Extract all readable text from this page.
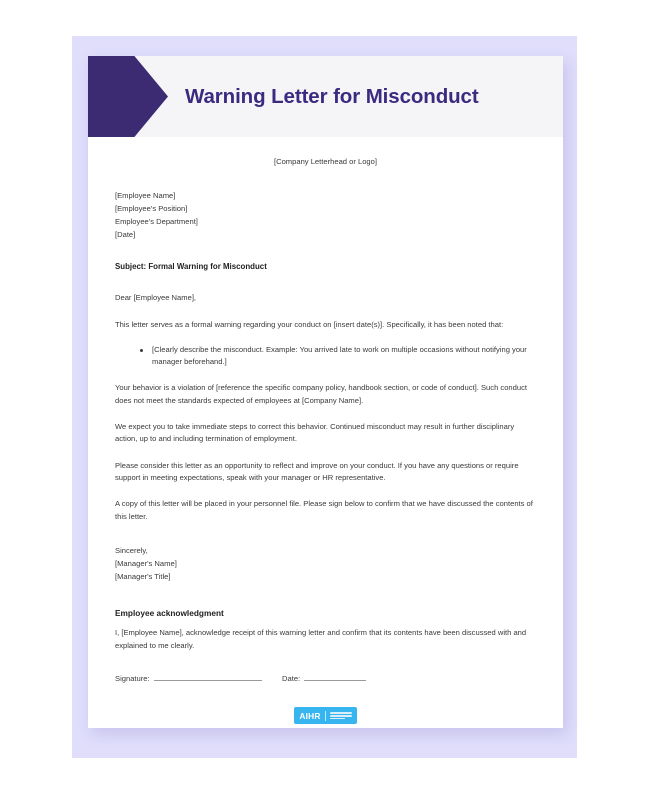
Warning Letter for Misconduct
[Company Letterhead or Logo]
[Employee Name]
[Employee's Position]
Employee's Department]
[Date]
Subject: Formal Warning for Misconduct
Dear [Employee Name],

This letter serves as a formal warning regarding your conduct on [insert date(s)]. Specifically, it has been noted that:

[Clearly describe the misconduct. Example: You arrived late to work on multiple occasions without notifying your manager beforehand.]

Your behavior is a violation of [reference the specific company policy, handbook section, or code of conduct]. Such conduct does not meet the standards expected of employees at [Company Name].

We expect you to take immediate steps to correct this behavior. Continued misconduct may result in further disciplinary action, up to and including termination of employment.

Please consider this letter as an opportunity to reflect and improve on your conduct. If you have any questions or require support in meeting expectations, speak with your manager or HR representative.

A copy of this letter will be placed in your personnel file. Please sign below to confirm that we have discussed the contents of this letter.

Sincerely,
[Manager's Name]
[Manager's Title]
Employee acknowledgment
I, [Employee Name], acknowledge receipt of this warning letter and confirm that its contents have been discussed with and explained to me clearly.
Signature:	Date:
AIHR
